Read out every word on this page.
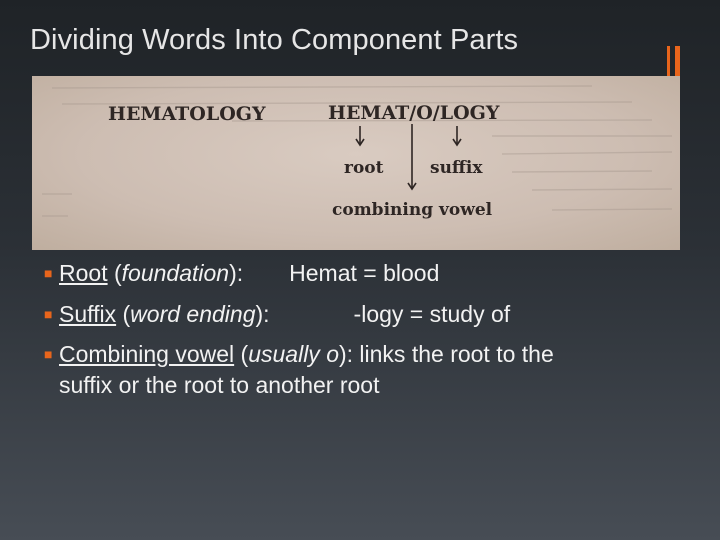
Dividing Words Into Component Parts
HEMATOLOGY	HEMAT/O/LOGY
root	suffix
combining vowel
■ Root (foundation): Hemat = blood
■ Suffix (word ending):	-logy = study of
■ Combining vowel (usually o): links the root to the
suffix or the root to another root
